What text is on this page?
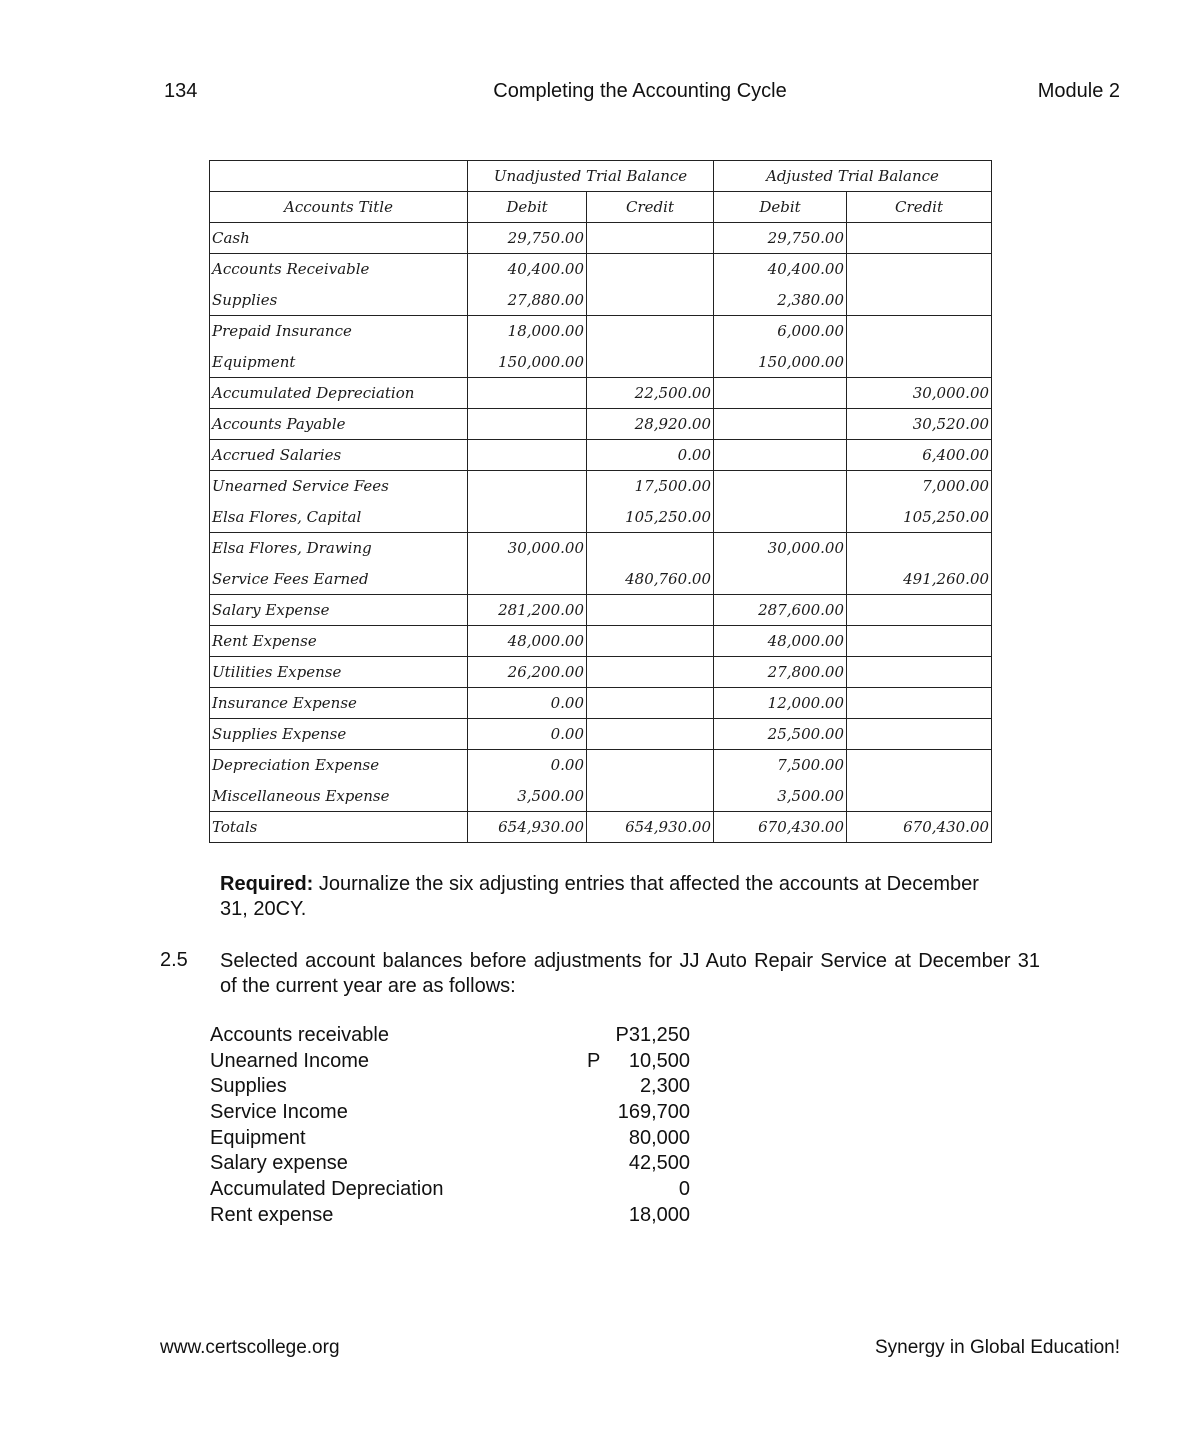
134	Completing the Accounting Cycle	Module 2
	Unadjusted Trial Balance		Adjusted Trial Balance	
Accounts Title	Debit	Credit	Debit	Credit
Cash	29,750.00		29,750.00	
Accounts Receivable	40,400.00		40,400.00	
Supplies	27,880.00		2,380.00	
Prepaid Insurance	18,000.00		6,000.00	
Equipment	150,000.00		150,000.00	
Accumulated Depreciation		22,500.00		30,000.00
Accounts Payable		28,920.00		30,520.00
Accrued Salaries		0.00		6,400.00
Unearned Service Fees		17,500.00		7,000.00
Elsa Flores, Capital		105,250.00		105,250.00
Elsa Flores, Drawing	30,000.00		30,000.00	
Service Fees Earned		480,760.00		491,260.00
Salary Expense	281,200.00		287,600.00	
Rent Expense	48,000.00		48,000.00	
Utilities Expense	26,200.00		27,800.00	
Insurance Expense	0.00		12,000.00	
Supplies Expense	0.00		25,500.00	
Depreciation Expense	0.00		7,500.00	
Miscellaneous Expense	3,500.00		3,500.00	
Totals	654,930.00	654,930.00	670,430.00	670,430.00
Required: Journalize the six adjusting entries that affected the accounts at December 31, 20CY.
2.5 Selected account balances before adjustments for JJ Auto Repair Service at December 31 of the current year are as follows:
Accounts receivable	P31,250
Unearned Income	P 10,500
Supplies	2,300
Service Income	169,700
Equipment	80,000
Salary expense	42,500
Accumulated Depreciation	0
Rent expense	18,000
www.certscollege.org	Synergy in Global Education!
